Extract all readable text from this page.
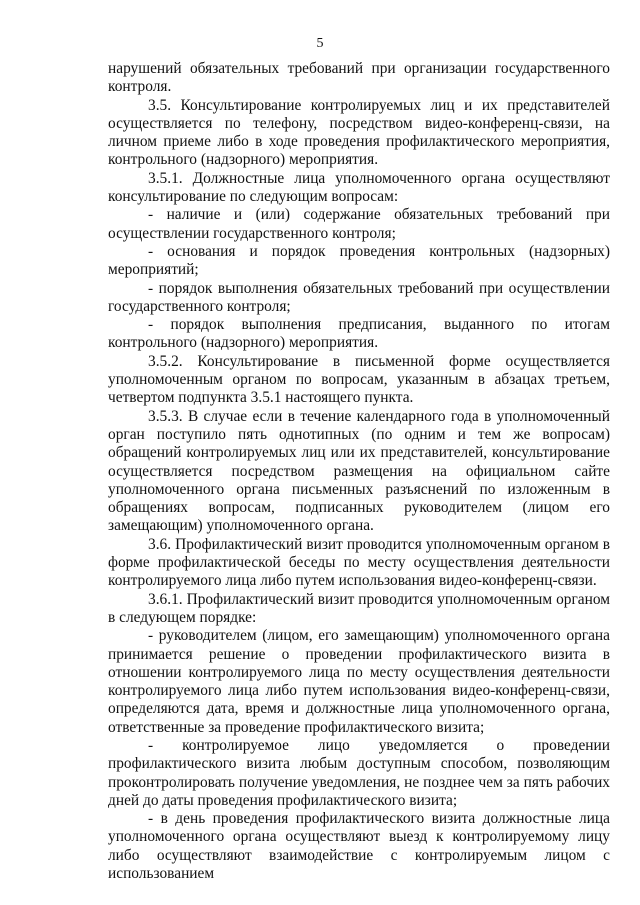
5

нарушений обязательных требований при организации государственного контроля.

3.5. Консультирование контролируемых лиц и их представителей осуществляется по телефону, посредством видео-конференц-связи, на личном приеме либо в ходе проведения профилактического мероприятия, контрольного (надзорного) мероприятия.

3.5.1. Должностные лица уполномоченного органа осуществляют консультирование по следующим вопросам:

- наличие и (или) содержание обязательных требований при осуществлении государственного контроля;

- основания и порядок проведения контрольных (надзорных) мероприятий;

- порядок выполнения обязательных требований при осуществлении государственного контроля;

- порядок выполнения предписания, выданного по итогам контрольного (надзорного) мероприятия.

3.5.2. Консультирование в письменной форме осуществляется уполномоченным органом по вопросам, указанным в абзацах третьем, четвертом подпункта 3.5.1 настоящего пункта.

3.5.3. В случае если в течение календарного года в уполномоченный орган поступило пять однотипных (по одним и тем же вопросам) обращений контролируемых лиц или их представителей, консультирование осуществляется посредством размещения на официальном сайте уполномоченного органа письменных разъяснений по изложенным в обращениях вопросам, подписанных руководителем (лицом его замещающим) уполномоченного органа.

3.6. Профилактический визит проводится уполномоченным органом в форме профилактической беседы по месту осуществления деятельности контролируемого лица либо путем использования видео-конференц-связи.

3.6.1. Профилактический визит проводится уполномоченным органом в следующем порядке:

- руководителем (лицом, его замещающим) уполномоченного органа принимается решение о проведении профилактического визита в отношении контролируемого лица по месту осуществления деятельности контролируемого лица либо путем использования видео-конференц-связи, определяются дата, время и должностные лица уполномоченного органа, ответственные за проведение профилактического визита;

- контролируемое лицо уведомляется о проведении профилактического визита любым доступным способом, позволяющим проконтролировать получение уведомления, не позднее чем за пять рабочих дней до даты проведения профилактического визита;

- в день проведения профилактического визита должностные лица уполномоченного органа осуществляют выезд к контролируемому лицу либо осуществляют взаимодействие с контролируемым лицом с использованием
